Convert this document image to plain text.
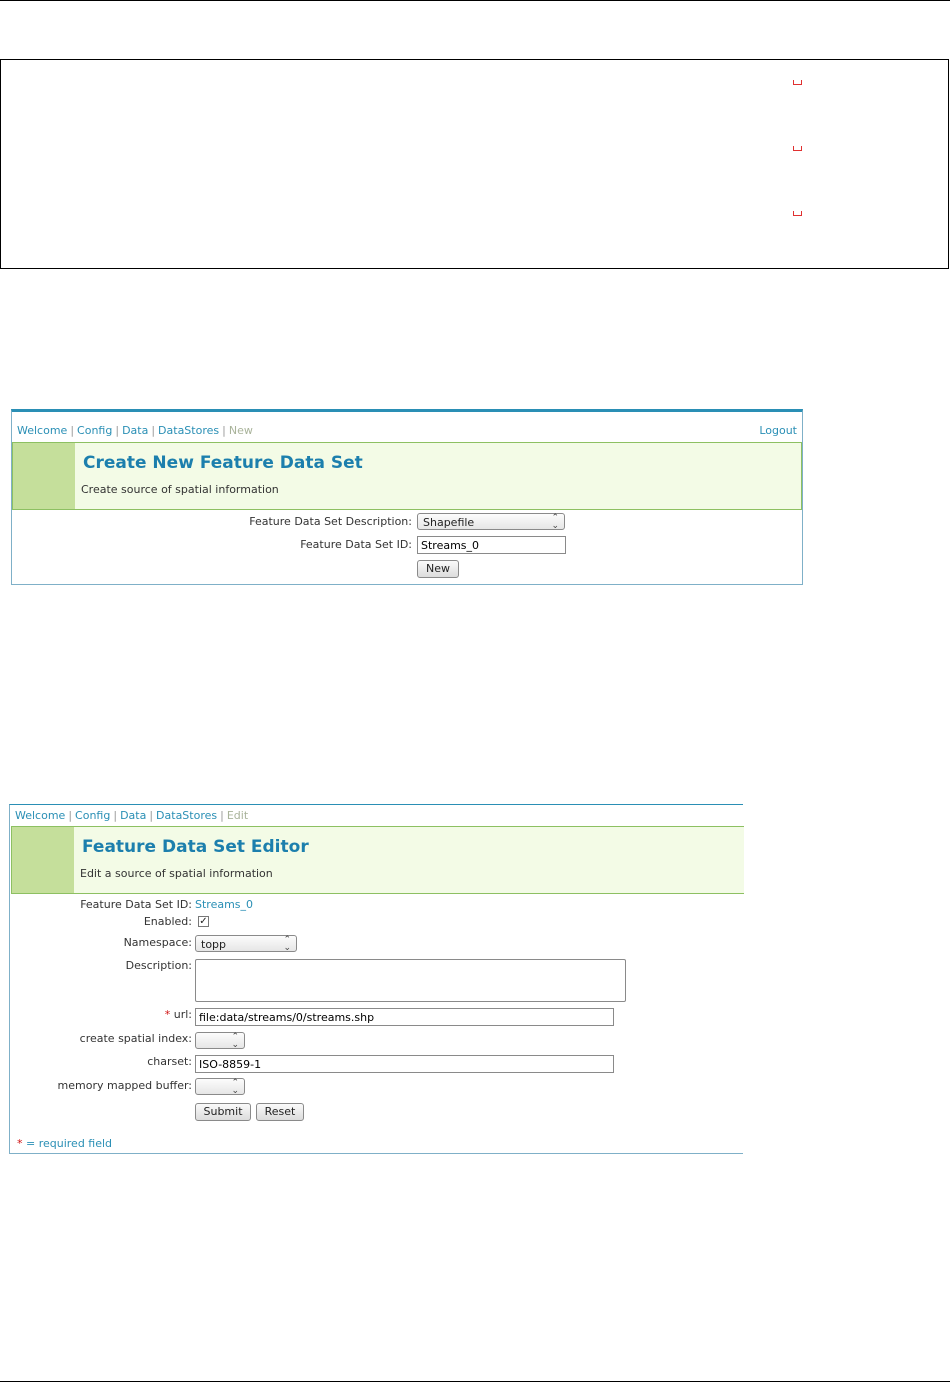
Welcome | Config | Data | DataStores | New	Logout
Create New Feature Data Set
Create source of spatial information
Feature Data Set Description:	Shapefile	⌃
⌄
Feature Data Set ID:
Streams_0
New
Welcome | Config | Data | DataStores | Edit
Feature Data Set Editor
Edit a source of spatial information
Feature Data Set ID: Streams_0
Enabled: ✓
Namespace: topp	⌃
⌄
Description:
* url:
file:data/streams/0/streams.shp
create spatial index:	⌃
⌄
charset:
ISO-8859-1
memory mapped buffer:	⌃
⌄
Submit	Reset
* = required field
